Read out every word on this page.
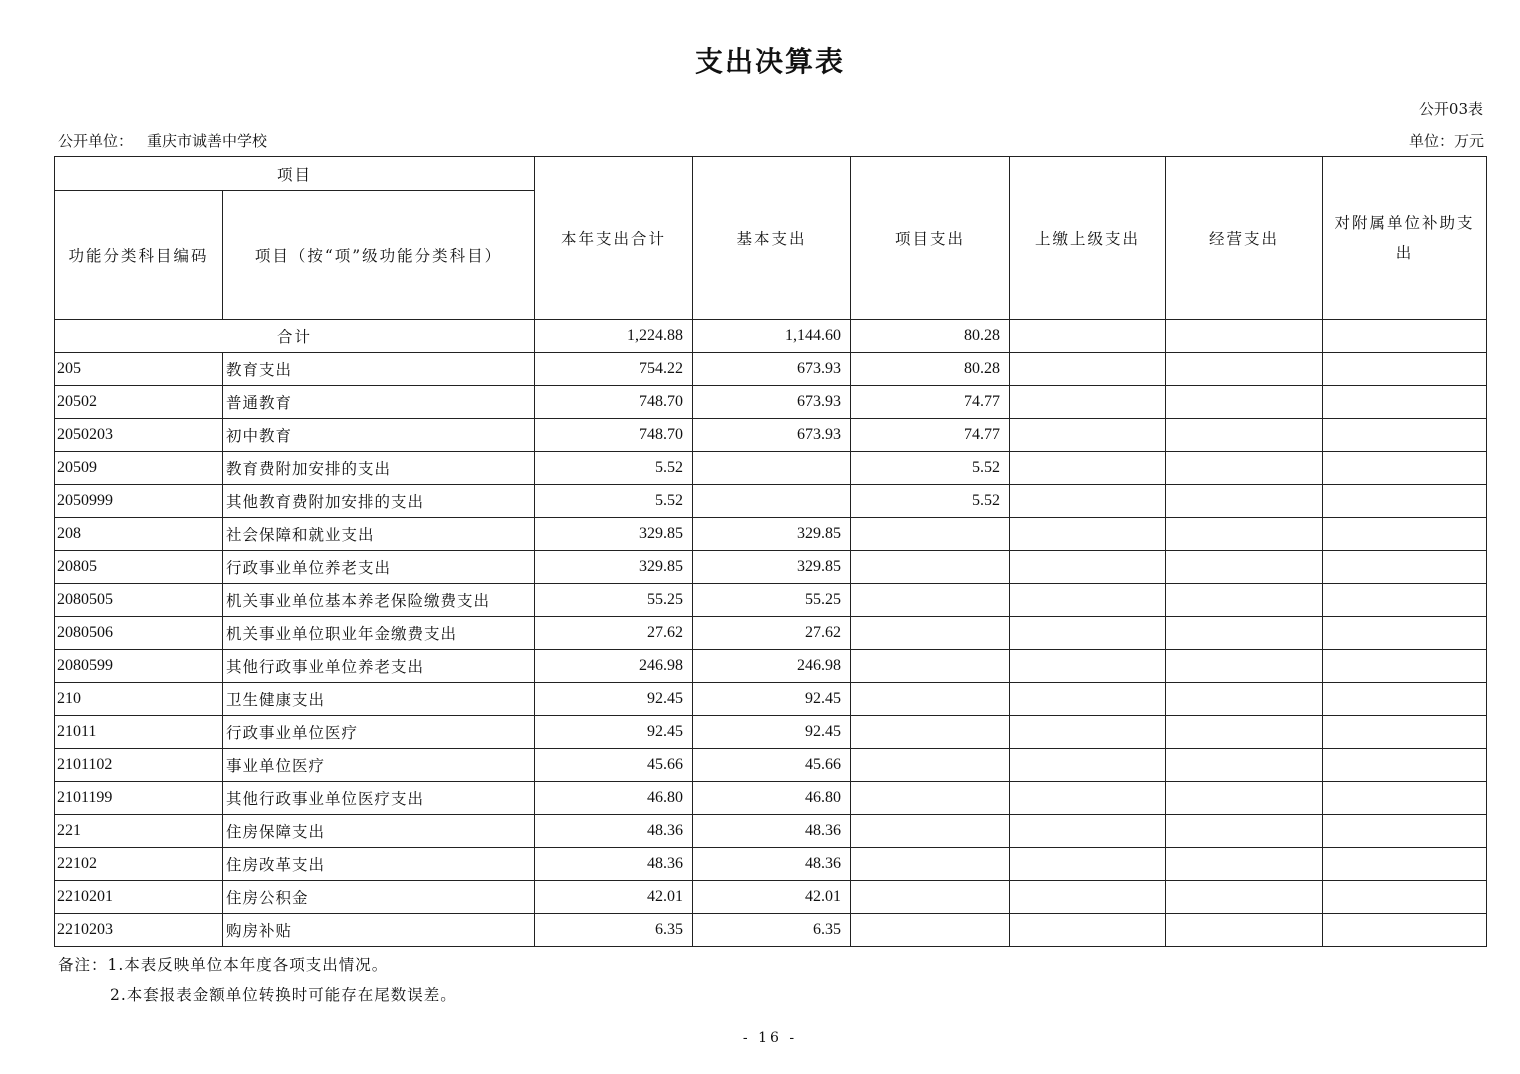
支出决算表
公开03表
公开单位： 重庆市诚善中学校	单位：万元
项目		本年支出合计	基本支出	项目支出	上缴上级支出	经营支出	对附属单位补助支出
功能分类科目编码	项目（按“项”级功能分类科目）						
合计		1,224.88	1,144.60	80.28			
205	教育支出	754.22	673.93	80.28			
20502	普通教育	748.70	673.93	74.77			
2050203	初中教育	748.70	673.93	74.77			
20509	教育费附加安排的支出	5.52		5.52			
2050999	其他教育费附加安排的支出	5.52		5.52			
208	社会保障和就业支出	329.85	329.85				
20805	行政事业单位养老支出	329.85	329.85				
2080505	机关事业单位基本养老保险缴费支出	55.25	55.25				
2080506	机关事业单位职业年金缴费支出	27.62	27.62				
2080599	其他行政事业单位养老支出	246.98	246.98				
210	卫生健康支出	92.45	92.45				
21011	行政事业单位医疗	92.45	92.45				
2101102	事业单位医疗	45.66	45.66				
2101199	其他行政事业单位医疗支出	46.80	46.80				
221	住房保障支出	48.36	48.36				
22102	住房改革支出	48.36	48.36				
2210201	住房公积金	42.01	42.01				
2210203	购房补贴	6.35	6.35				
备注：1.本表反映单位本年度各项支出情况。
2.本套报表金额单位转换时可能存在尾数误差。
- 16 -
